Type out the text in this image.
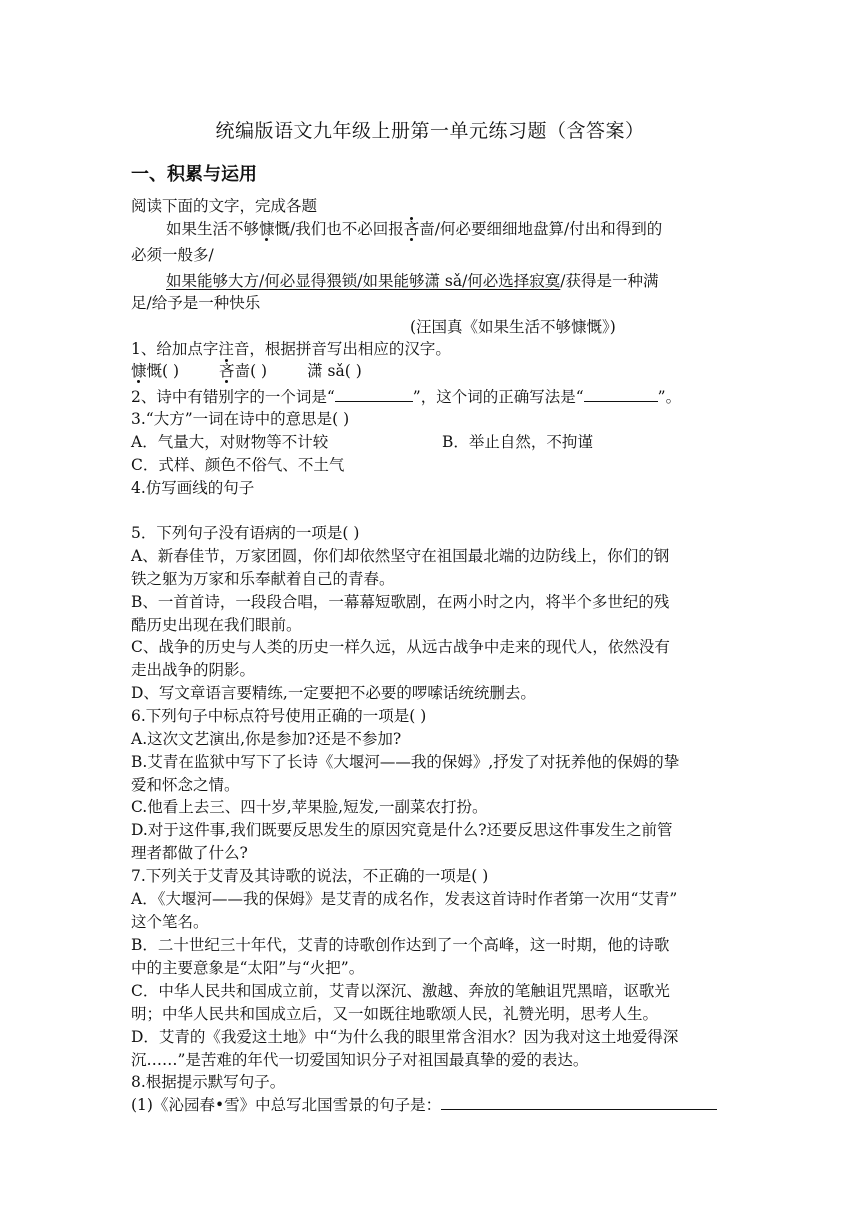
统编版语文九年级上册第一单元练习题（含答案）
一、积累与运用
阅读下面的文字，完成各题
如果生活不够慷慨/我们也不必回报吝啬/何必要细细地盘算/付出和得到的
必须一般多/
如果能够大方/何必显得猥锁/如果能够潇 sǎ/何必选择寂寞/获得是一种满
足/给予是一种快乐
(汪国真《如果生活不够慷慨》)
1、给加点字注音，根据拼音写出相应的汉字。
慷慨( )	吝啬( )	潇 sǎ( )
2、诗中有错别字的一个词是“	”，这个词的正确写法是“	”。
3.“大方”一词在诗中的意思是( )
A．气量大，对财物等不计较	B．举止自然，不拘谨
C．式样、颜色不俗气、不土气
4.仿写画线的句子
5．下列句子没有语病的一项是( )
A、新春佳节，万家团圆，你们却依然坚守在祖国最北端的边防线上，你们的钢
铁之躯为万家和乐奉献着自己的青春。
B、一首首诗，一段段合唱，一幕幕短歌剧，在两小时之内，将半个多世纪的残
酷历史出现在我们眼前。
C、战争的历史与人类的历史一样久远，从远古战争中走来的现代人，依然没有
走出战争的阴影。
D、写文章语言要精练,一定要把不必要的啰嗦话统统删去。
6.下列句子中标点符号使用正确的一项是( )
A.这次文艺演出,你是参加?还是不参加?
B.艾青在监狱中写下了长诗《大堰河——我的保姆》,抒发了对抚养他的保姆的挚
爱和怀念之情。
C.他看上去三、四十岁,苹果脸,短发,一副菜农打扮。
D.对于这件事,我们既要反思发生的原因究竟是什么?还要反思这件事发生之前管
理者都做了什么?
7.下列关于艾青及其诗歌的说法，不正确的一项是( )
A．《大堰河——我的保姆》是艾青的成名作，发表这首诗时作者第一次用“艾青”
这个笔名。
B．二十世纪三十年代，艾青的诗歌创作达到了一个高峰，这一时期，他的诗歌
中的主要意象是“太阳”与“火把”。
C．中华人民共和国成立前，艾青以深沉、激越、奔放的笔触诅咒黑暗，讴歌光
明；中华人民共和国成立后，又一如既往地歌颂人民，礼赞光明，思考人生。
D．艾青的《我爱这土地》中“为什么我的眼里常含泪水？因为我对这土地爱得深
沉……”是苦难的年代一切爱国知识分子对祖国最真挚的爱的表达。
8.根据提示默写句子。
(1)《沁园春•雪》中总写北国雪景的句子是：
